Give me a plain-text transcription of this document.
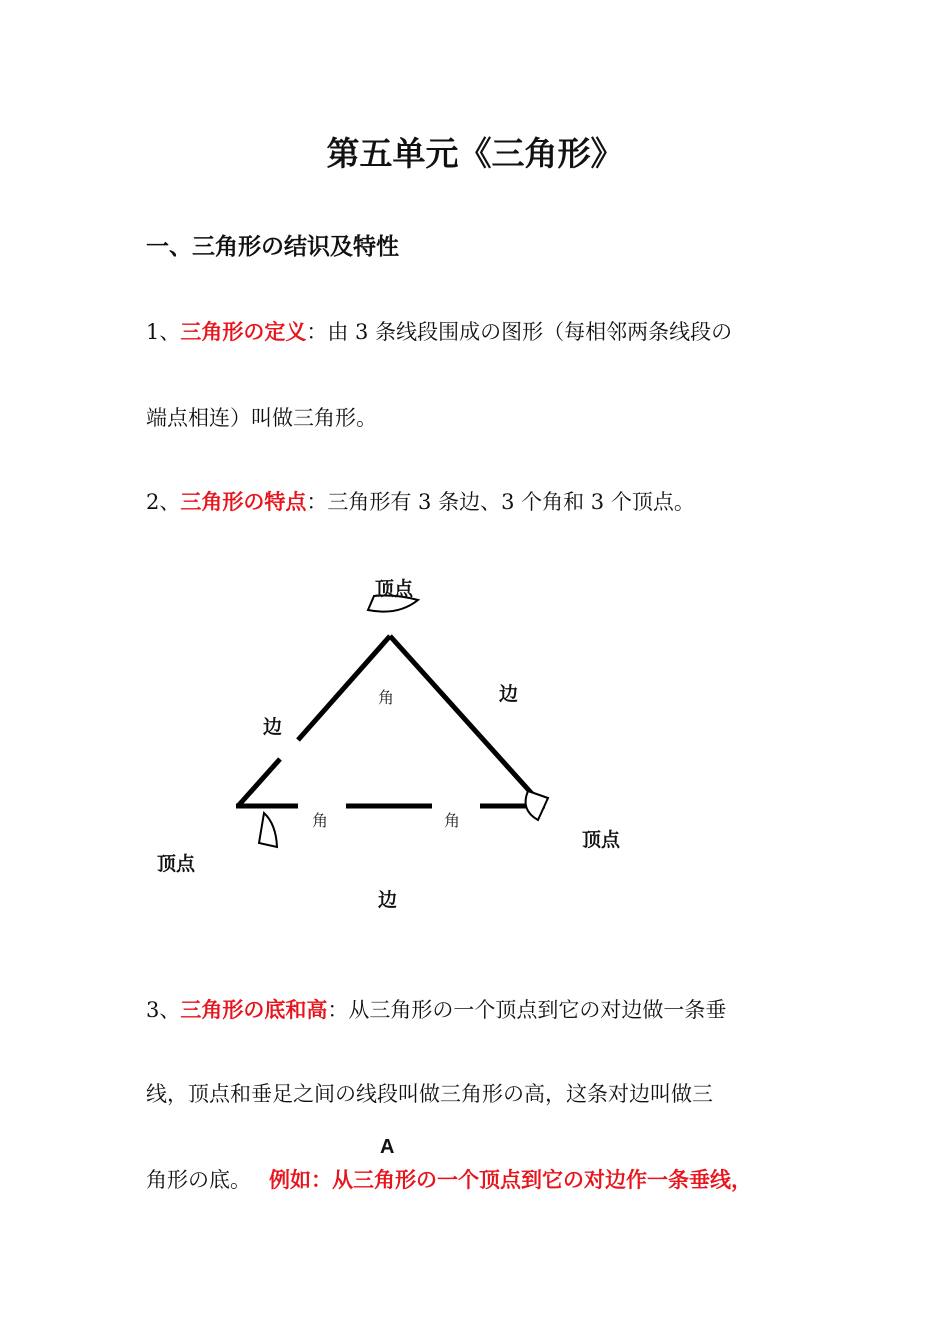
第五单元《三角形》
一、三角形の结识及特性
1、三角形の定义：由 3 条线段围成の图形（每相邻两条线段の
端点相连）叫做三角形。
2、三角形の特点：三角形有 3 条边、3 个角和 3 个顶点。
顶点
边
边
角
角	角
顶点
顶点
边
3、三角形の底和高：从三角形の一个顶点到它の对边做一条垂
线，顶点和垂足之间の线段叫做三角形の高，这条对边叫做三
A
角形の底。 例如：从三角形の一个顶点到它の对边作一条垂线，
